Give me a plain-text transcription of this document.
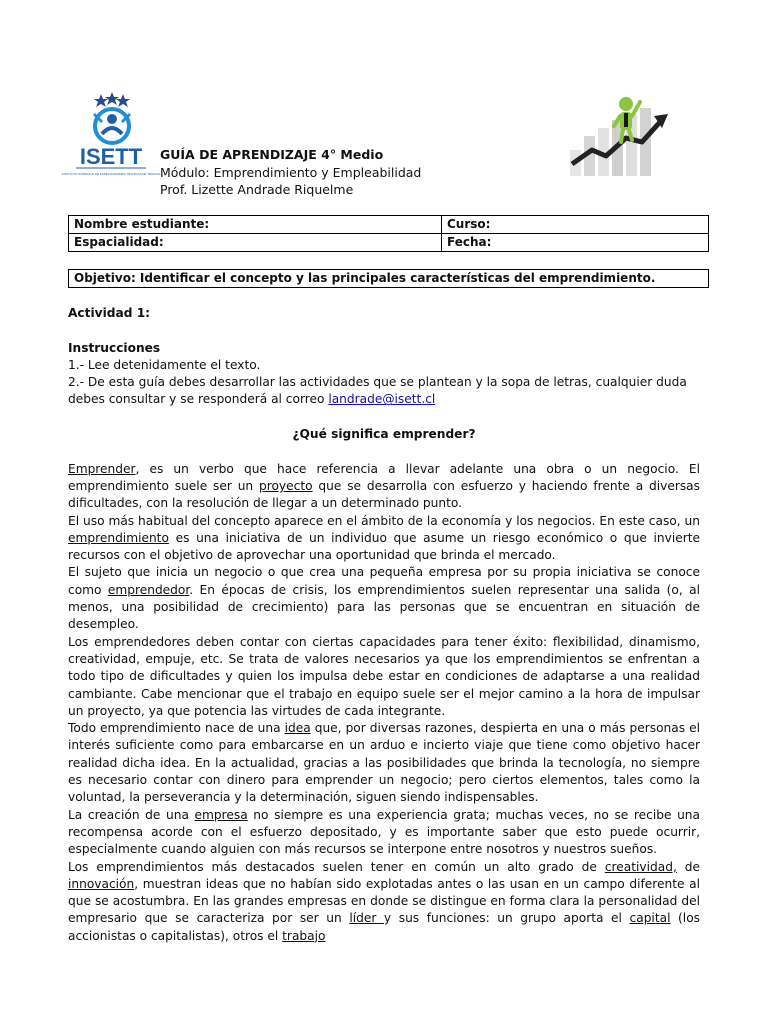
ISETT
INSTITUTO SUPERIOR DE ESPECIALIDADES TÉCNICAS DE TEMUCO
GUÍA DE APRENDIZAJE 4° Medio
Módulo: Emprendimiento y Empleabilidad
Prof. Lizette Andrade Riquelme
Nombre estudiante:	Curso:
Espacialidad:	Fecha:
Objetivo: Identificar el concepto y las principales características del emprendimiento.

Actividad 1:

Instrucciones

1.- Lee detenidamente el texto.

2.- De esta guía debes desarrollar las actividades que se plantean y la sopa de letras, cualquier duda debes consultar y se responderá al correo landrade@isett.cl

¿Qué significa emprender?

Emprender, es un verbo que hace referencia a llevar adelante una obra o un negocio. El emprendimiento suele ser un proyecto que se desarrolla con esfuerzo y haciendo frente a diversas dificultades, con la resolución de llegar a un determinado punto.

El uso más habitual del concepto aparece en el ámbito de la economía y los negocios. En este caso, un emprendimiento es una iniciativa de un individuo que asume un riesgo económico o que invierte recursos con el objetivo de aprovechar una oportunidad que brinda el mercado.

El sujeto que inicia un negocio o que crea una pequeña empresa por su propia iniciativa se conoce como emprendedor. En épocas de crisis, los emprendimientos suelen representar una salida (o, al menos, una posibilidad de crecimiento) para las personas que se encuentran en situación de desempleo.

Los emprendedores deben contar con ciertas capacidades para tener éxito: flexibilidad, dinamismo, creatividad, empuje, etc. Se trata de valores necesarios ya que los emprendimientos se enfrentan a todo tipo de dificultades y quien los impulsa debe estar en condiciones de adaptarse a una realidad cambiante. Cabe mencionar que el trabajo en equipo suele ser el mejor camino a la hora de impulsar un proyecto, ya que potencia las virtudes de cada integrante.

Todo emprendimiento nace de una idea que, por diversas razones, despierta en una o más personas el interés suficiente como para embarcarse en un arduo e incierto viaje que tiene como objetivo hacer realidad dicha idea. En la actualidad, gracias a las posibilidades que brinda la tecnología, no siempre es necesario contar con dinero para emprender un negocio; pero ciertos elementos, tales como la voluntad, la perseverancia y la determinación, siguen siendo indispensables.

La creación de una empresa no siempre es una experiencia grata; muchas veces, no se recibe una recompensa acorde con el esfuerzo depositado, y es importante saber que esto puede ocurrir, especialmente cuando alguien con más recursos se interpone entre nosotros y nuestros sueños.

Los emprendimientos más destacados suelen tener en común un alto grado de creatividad, de innovación, muestran ideas que no habían sido explotadas antes o las usan en un campo diferente al que se acostumbra. En las grandes empresas en donde se distingue en forma clara la personalidad del empresario que se caracteriza por ser un líder y sus funciones: un grupo aporta el capital (los accionistas o capitalistas), otros el trabajo
